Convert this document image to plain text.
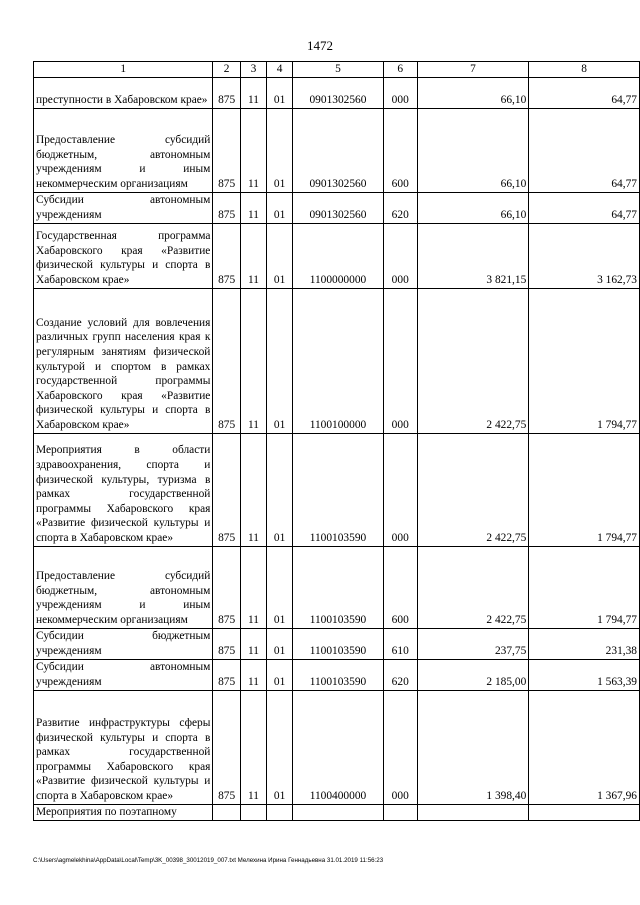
1472
1	2	3	4	5	6	7	8
преступности в Хабаровском крае»	875	11	01	0901302560	000	66,10	64,77
Предоставление субсидий бюджетным, автономным учреждениям и иным некоммерческим организациям	875	11	01	0901302560	600	66,10	64,77
Субсидии автономным учреждениям	875	11	01	0901302560	620	66,10	64,77
Государственная программа Хабаровского края «Развитие физической культуры и спорта в Хабаровском крае»	875	11	01	1100000000	000	3 821,15	3 162,73
Создание условий для вовлечения различных групп населения края к регулярным занятиям физической культурой и спортом в рамках государственной программы Хабаровского края «Развитие физической культуры и спорта в Хабаровском крае»	875	11	01	1100100000	000	2 422,75	1 794,77
Мероприятия в области здравоохранения, спорта и физической культуры, туризма в рамках государственной программы Хабаровского края «Развитие физической культуры и спорта в Хабаровском крае»	875	11	01	1100103590	000	2 422,75	1 794,77
Предоставление субсидий бюджетным, автономным учреждениям и иным некоммерческим организациям	875	11	01	1100103590	600	2 422,75	1 794,77
Субсидии бюджетным учреждениям	875	11	01	1100103590	610	237,75	231,38
Субсидии автономным учреждениям	875	11	01	1100103590	620	2 185,00	1 563,39
Развитие инфраструктуры сферы физической культуры и спорта в рамках государственной программы Хабаровского края «Развитие физической культуры и спорта в Хабаровском крае»	875	11	01	1100400000	000	1 398,40	1 367,96
Мероприятия по поэтапному							
C:\Users\agmelekhina\AppData\Local\Temp\3K_00398_30012019_007.txt Мелехина Ирина Геннадьевна 31.01.2019 11:56:23
